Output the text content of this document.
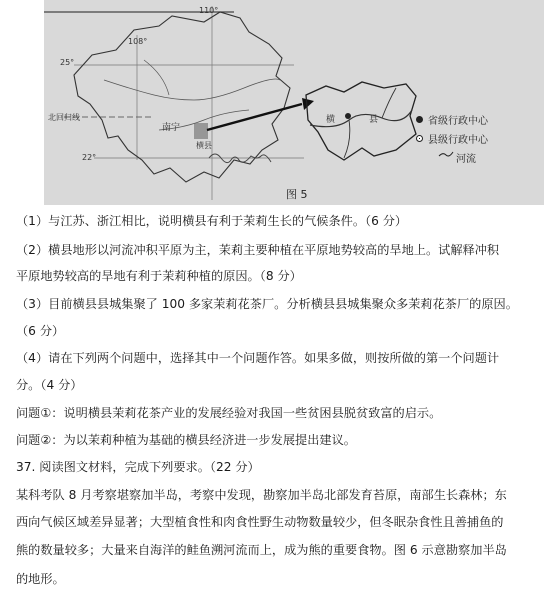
110°
108°
25°
22°
北回归线
南宁
横县
横	县	省级行政中心
县级行政中心
河流
图 5
（1）与江苏、浙江相比，说明横县有利于茉莉生长的气候条件。（6 分）
（2）横县地形以河流冲积平原为主，茉莉主要种植在平原地势较高的旱地上。试解释冲积
平原地势较高的旱地有利于茉莉种植的原因。（8 分）
（3）目前横县县城集聚了 100 多家茉莉花茶厂。分析横县县城集聚众多茉莉花茶厂的原因。
（6 分）
（4）请在下列两个问题中，选择其中一个问题作答。如果多做，则按所做的第一个问题计
分。（4 分）
问题①：说明横县茉莉花茶产业的发展经验对我国一些贫困县脱贫致富的启示。
问题②：为以茉莉种植为基础的横县经济进一步发展提出建议。
37. 阅读图文材料，完成下列要求。（22 分）
某科考队 8 月考察堪察加半岛，考察中发现，勘察加半岛北部发育苔原，南部生长森林；东
西向气候区域差异显著；大型植食性和肉食性野生动物数量较少，但冬眠杂食性且善捕鱼的
熊的数量较多；大量来自海洋的鲑鱼溯河流而上，成为熊的重要食物。图 6 示意勘察加半岛
的地形。
